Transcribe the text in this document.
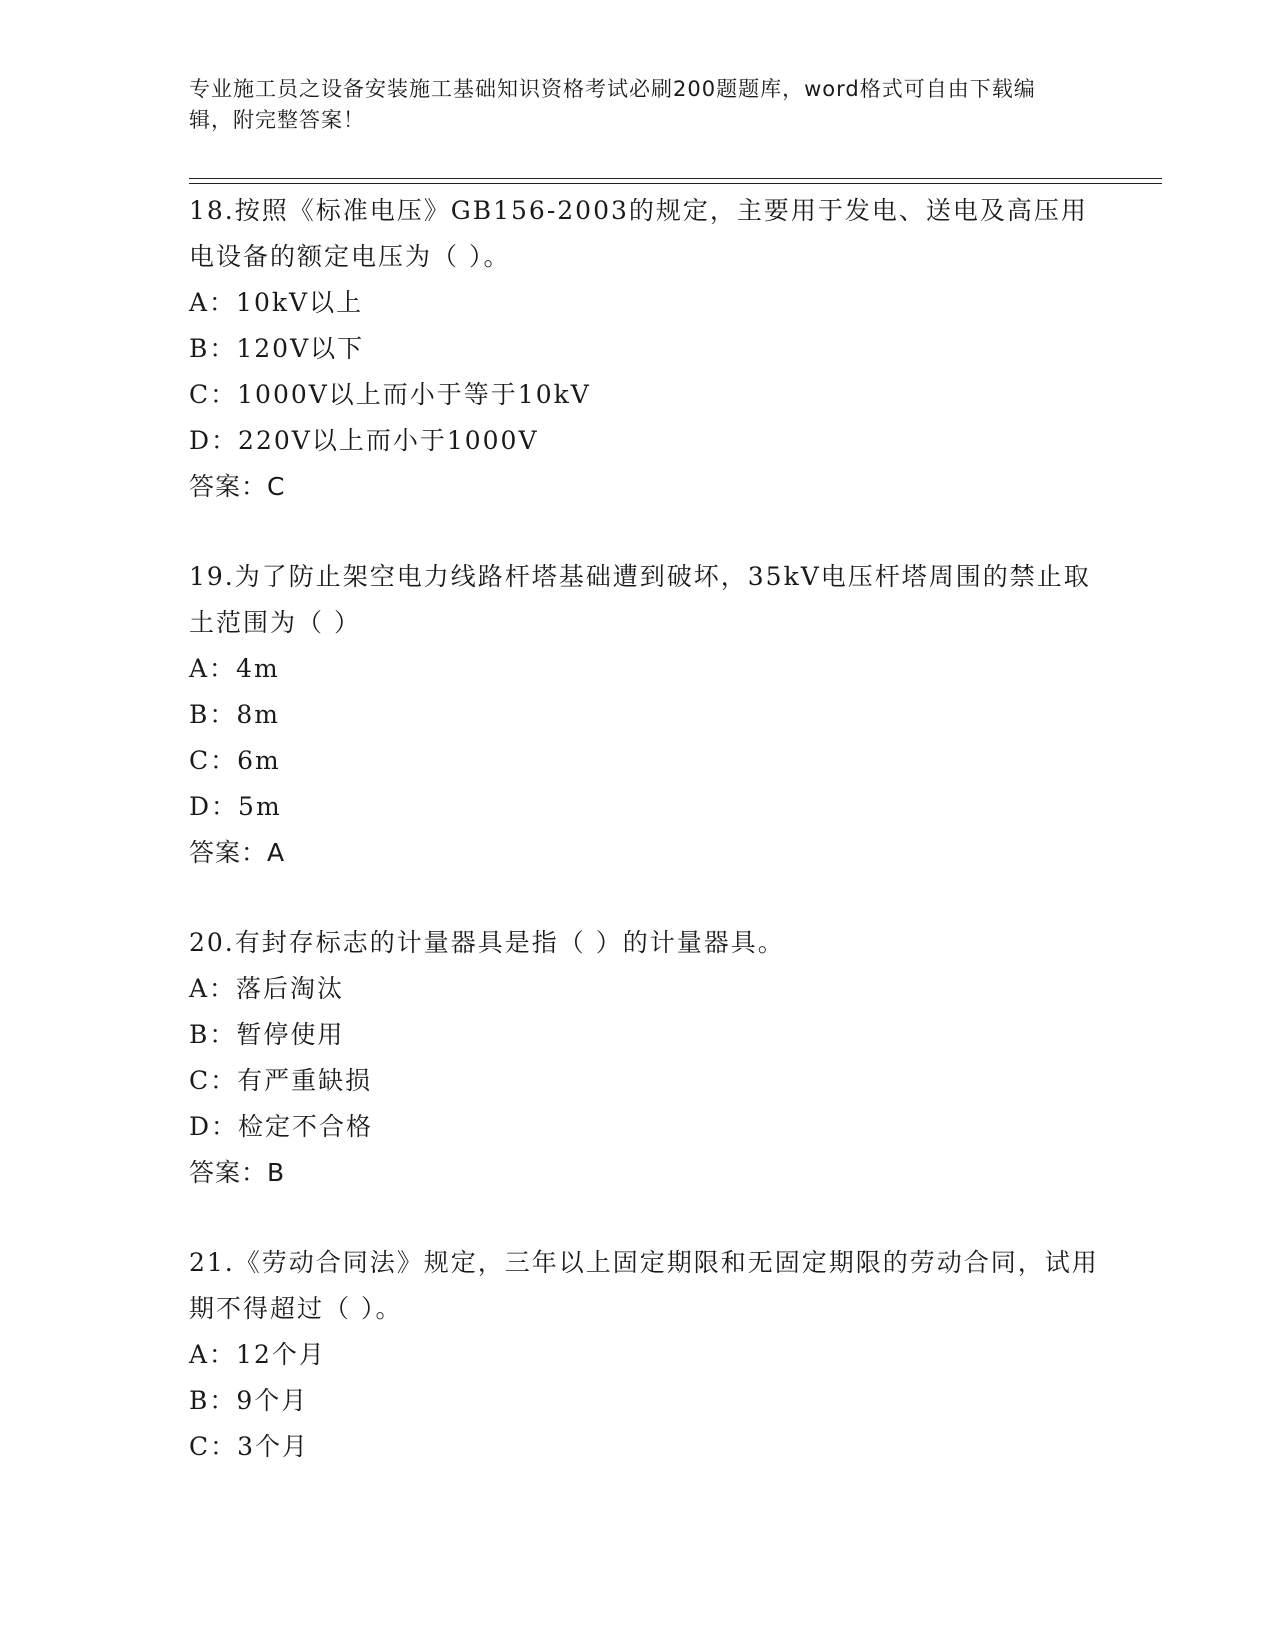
专业施工员之设备安装施工基础知识资格考试必刷200题题库，word格式可自由下载编辑，附完整答案！

18.按照《标准电压》GB156-2003的规定，主要用于发电、送电及高压用电设备的额定电压为（ ）。

A：10kV以上

B：120V以下

C：1000V以上而小于等于10kV

D：220V以上而小于1000V

答案：C

19.为了防止架空电力线路杆塔基础遭到破坏，35kV电压杆塔周围的禁止取土范围为（ ）

A：4m

B：8m

C：6m

D：5m

答案：A

20.有封存标志的计量器具是指（ ）的计量器具。

A：落后淘汰

B：暂停使用

C：有严重缺损

D：检定不合格

答案：B

21.《劳动合同法》规定，三年以上固定期限和无固定期限的劳动合同，试用期不得超过（ ）。

A：12个月

B：9个月

C：3个月
